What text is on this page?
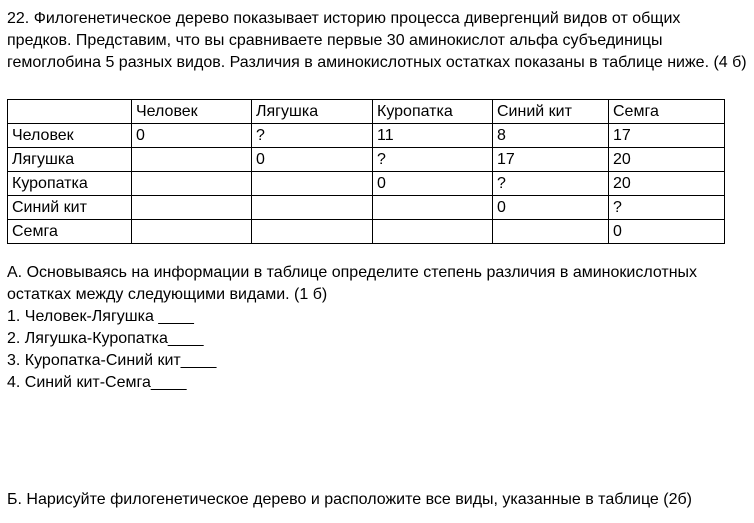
22. Филогенетическое дерево показывает историю процесса дивергенций видов от общих предков. Представим, что вы сравниваете первые 30 аминокислот альфа субъединицы гемоглобина 5 разных видов. Различия в аминокислотных остатках показаны в таблице ниже. (4 б)

	Человек	Лягушка	Куропатка	Синий кит	Семга
Человек	0	?	11	8	17
Лягушка		0	?	17	20
Куропатка			0	?	20
Синий кит				0	?
Семга					0

А. Основываясь на информации в таблице определите степень различия в аминокислотных остатках между следующими видами. (1 б)

1. Человек-Лягушка ____

2. Лягушка-Куропатка____

3. Куропатка-Синий кит____

4. Синий кит-Семга____

Б. Нарисуйте филогенетическое дерево и расположите все виды, указанные в таблице (2б)
